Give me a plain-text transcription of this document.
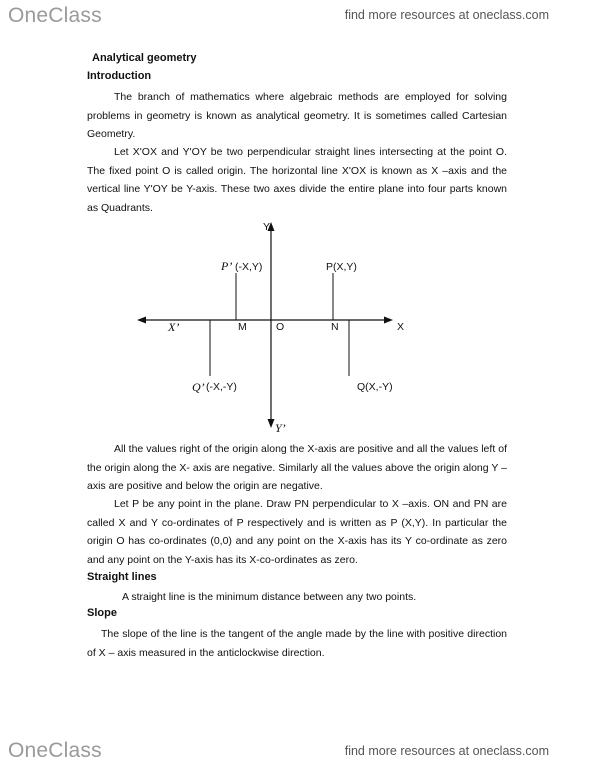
OneClass	find more resources at oneclass.com
Analytical geometry
Introduction
The branch of mathematics where algebraic methods are employed for solving problems in geometry is known as analytical geometry. It is sometimes called Cartesian Geometry.
Let X'OX and Y'OY be two perpendicular straight lines intersecting at the point O. The fixed point O is called origin. The horizontal line X'OX is known as X –axis and the vertical line Y'OY be Y-axis. These two axes divide the entire plane into four parts known as Quadrants.
Y
Y’
X
X’	O
M	N
P’ (-X,Y)	P(X,Y)
Q’ (-X,-Y)	Q(X,-Y)
All the values right of the origin along the X-axis are positive and all the values left of the origin along the X- axis are negative. Similarly all the values above the origin along Y – axis are positive and below the origin are negative.
Let P be any point in the plane. Draw PN perpendicular to X –axis. ON and PN are called X and Y co-ordinates of P respectively and is written as P (X,Y). In particular the origin O has co-ordinates (0,0) and any point on the X-axis has its Y co-ordinate as zero and any point on the Y-axis has its X-co-ordinates as zero.
Straight lines
A straight line is the minimum distance between any two points.
Slope
The slope of the line is the tangent of the angle made by the line with positive direction of X – axis measured in the anticlockwise direction.
OneClass	find more resources at oneclass.com
